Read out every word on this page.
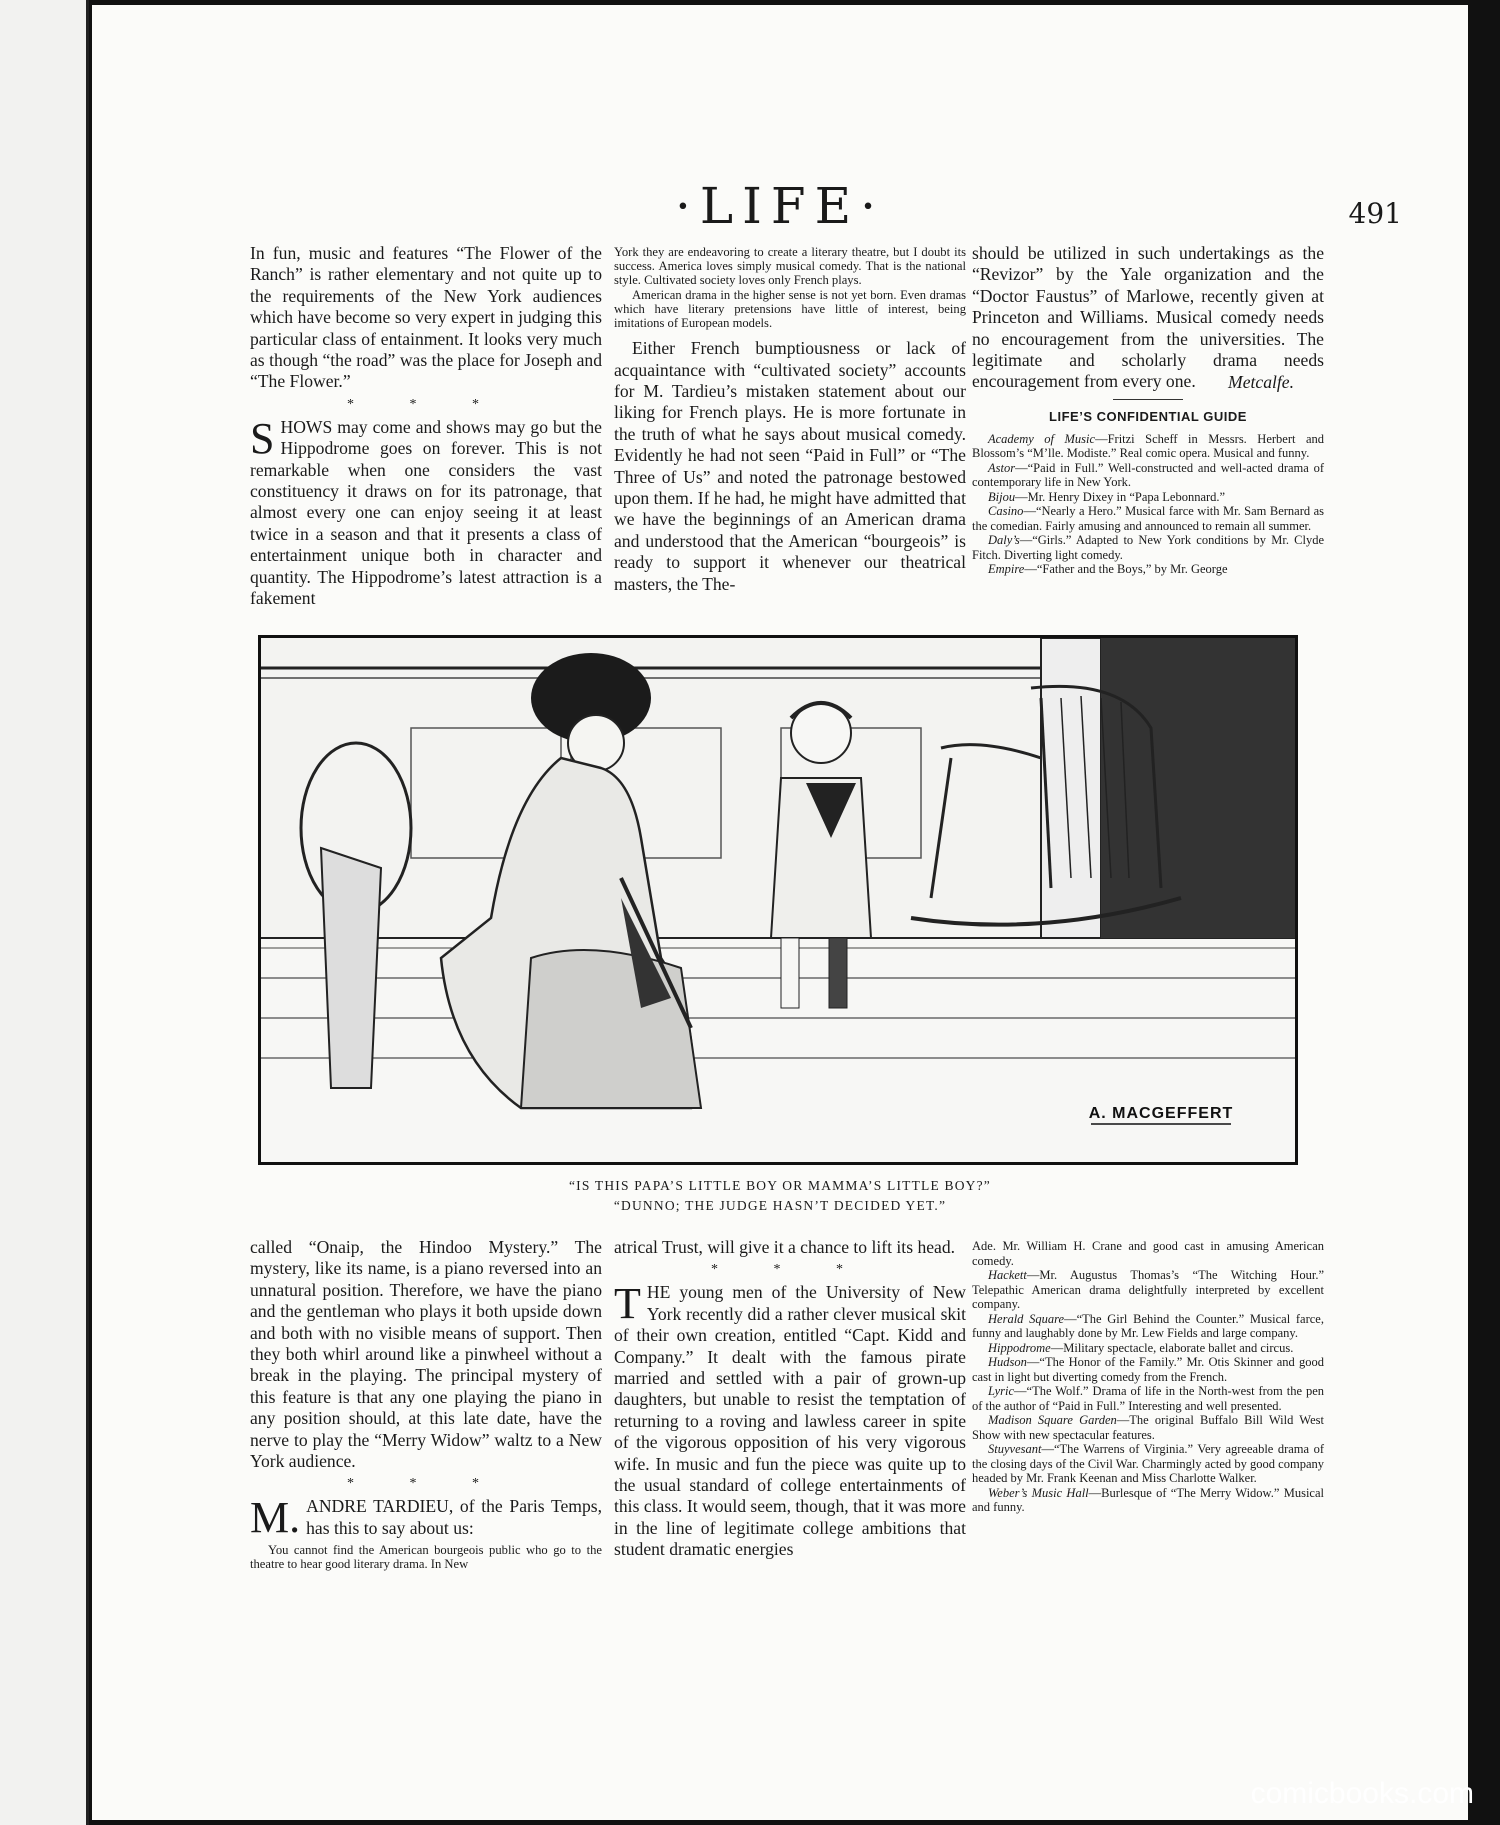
·LIFE·	491

In fun, music and features “The Flower of the Ranch” is rather elementary and not quite up to the requirements of the New York audiences which have become so very expert in judging this particular class of entainment. It looks very much as though “the road” was the place for Joseph and “The Flower.”

* * *

SHOWS may come and shows may go but the Hippodrome goes on forever. This is not remarkable when one considers the vast constituency it draws on for its patronage, that almost every one can enjoy seeing it at least twice in a season and that it presents a class of entertainment unique both in character and quantity. The Hippodrome’s latest attraction is a fakement

York they are endeavoring to create a literary theatre, but I doubt its success. America loves simply musical comedy. That is the national style. Cultivated society loves only French plays.

American drama in the higher sense is not yet born. Even dramas which have literary pretensions have little of interest, being imitations of European models.

Either French bumptiousness or lack of acquaintance with “cultivated society” accounts for M. Tardieu’s mistaken statement about our liking for French plays. He is more fortunate in the truth of what he says about musical comedy. Evidently he had not seen “Paid in Full” or “The Three of Us” and noted the patronage bestowed upon them. If he had, he might have admitted that we have the beginnings of an American drama and understood that the American “bourgeois” is ready to support it whenever our theatrical masters, the The-

should be utilized in such undertakings as the “Revizor” by the Yale organization and the “Doctor Faustus” of Marlowe, recently given at Princeton and Williams. Musical comedy needs no encouragement from the universities. The legitimate and scholarly drama needs encouragement from every one.	Metcalfe.
LIFE’S CONFIDENTIAL GUIDE

Academy of Music—Fritzi Scheff in Messrs. Herbert and Blossom’s “M’lle. Modiste.” Real comic opera. Musical and funny.

Astor—“Paid in Full.” Well-constructed and well-acted drama of contemporary life in New York.

Bijou—Mr. Henry Dixey in “Papa Lebonnard.”

Casino—“Nearly a Hero.” Musical farce with Mr. Sam Bernard as the comedian. Fairly amusing and announced to remain all summer.

Daly’s—“Girls.” Adapted to New York conditions by Mr. Clyde Fitch. Diverting light comedy.

Empire—“Father and the Boys,” by Mr. George

A. MACGEFFERT
“IS THIS PAPA’S LITTLE BOY OR MAMMA’S LITTLE BOY?”
“DUNNO; THE JUDGE HASN’T DECIDED YET.”

called “Onaip, the Hindoo Mystery.” The mystery, like its name, is a piano reversed into an unnatural position. Therefore, we have the piano and the gentleman who plays it both upside down and both with no visible means of support. Then they both whirl around like a pinwheel without a break in the playing. The principal mystery of this feature is that any one playing the piano in any position should, at this late date, have the nerve to play the “Merry Widow” waltz to a New York audience.

* * *

M. ANDRE TARDIEU, of the Paris Temps, has this to say about us:

You cannot find the American bourgeois public who go to the theatre to hear good literary drama. In New

atrical Trust, will give it a chance to lift its head.

* * *

THE young men of the University of New York recently did a rather clever musical skit of their own creation, entitled “Capt. Kidd and Company.” It dealt with the famous pirate married and settled with a pair of grown-up daughters, but unable to resist the temptation of returning to a roving and lawless career in spite of the vigorous opposition of his very vigorous wife. In music and fun the piece was quite up to the usual standard of college entertainments of this class. It would seem, though, that it was more in the line of legitimate college ambitions that student dramatic energies

Ade. Mr. William H. Crane and good cast in amusing American comedy.

Hackett—Mr. Augustus Thomas’s “The Witching Hour.” Telepathic American drama delightfully interpreted by excellent company.

Herald Square—“The Girl Behind the Counter.” Musical farce, funny and laughably done by Mr. Lew Fields and large company.

Hippodrome—Military spectacle, elaborate ballet and circus.

Hudson—“The Honor of the Family.” Mr. Otis Skinner and good cast in light but diverting comedy from the French.

Lyric—“The Wolf.” Drama of life in the North-west from the pen of the author of “Paid in Full.” Interesting and well presented.

Madison Square Garden—The original Buffalo Bill Wild West Show with new spectacular features.

Stuyvesant—“The Warrens of Virginia.” Very agreeable drama of the closing days of the Civil War. Charmingly acted by good company headed by Mr. Frank Keenan and Miss Charlotte Walker.

Weber’s Music Hall—Burlesque of “The Merry Widow.” Musical and funny.

comicbooks.com
